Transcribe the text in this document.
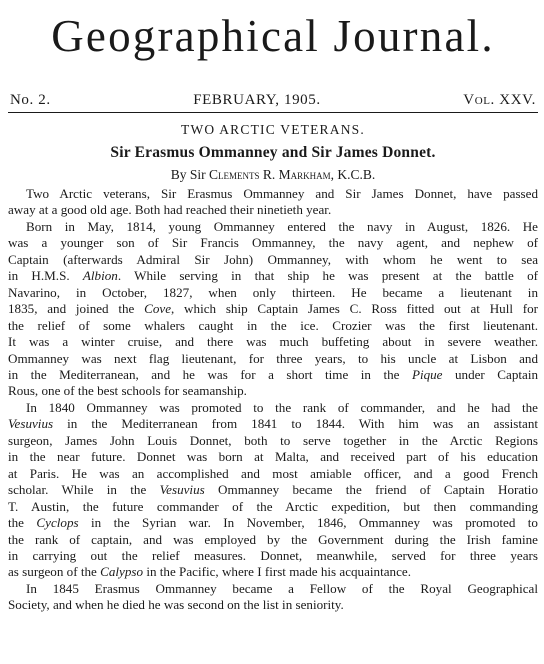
Geographical Journal.
No. 2.	FEBRUARY, 1905.	Vol. XXV.
TWO ARCTIC VETERANS.
Sir Erasmus Ommanney and Sir James Donnet.
By Sir Clements R. Markham, K.C.B.
Two Arctic veterans, Sir Erasmus Ommanney and Sir James Donnet, have passed
away at a good old age. Both had reached their ninetieth year.
Born in May, 1814, young Ommanney entered the navy in August, 1826. He
was a younger son of Sir Francis Ommanney, the navy agent, and nephew of
Captain (afterwards Admiral Sir John) Ommanney, with whom he went to sea
in H.M.S. Albion. While serving in that ship he was present at the battle of
Navarino, in October, 1827, when only thirteen. He became a lieutenant in
1835, and joined the Cove, which ship Captain James C. Ross fitted out at Hull for
the relief of some whalers caught in the ice. Crozier was the first lieutenant.
It was a winter cruise, and there was much buffeting about in severe weather.
Ommanney was next flag lieutenant, for three years, to his uncle at Lisbon and
in the Mediterranean, and he was for a short time in the Pique under Captain
Rous, one of the best schools for seamanship.
In 1840 Ommanney was promoted to the rank of commander, and he had the
Vesuvius in the Mediterranean from 1841 to 1844. With him was an assistant
surgeon, James John Louis Donnet, both to serve together in the Arctic Regions
in the near future. Donnet was born at Malta, and received part of his education
at Paris. He was an accomplished and most amiable officer, and a good French
scholar. While in the Vesuvius Ommanney became the friend of Captain Horatio
T. Austin, the future commander of the Arctic expedition, but then commanding
the Cyclops in the Syrian war. In November, 1846, Ommanney was promoted to
the rank of captain, and was employed by the Government during the Irish famine
in carrying out the relief measures. Donnet, meanwhile, served for three years
as surgeon of the Calypso in the Pacific, where I first made his acquaintance.
In 1845 Erasmus Ommanney became a Fellow of the Royal Geographical
Society, and when he died he was second on the list in seniority.
